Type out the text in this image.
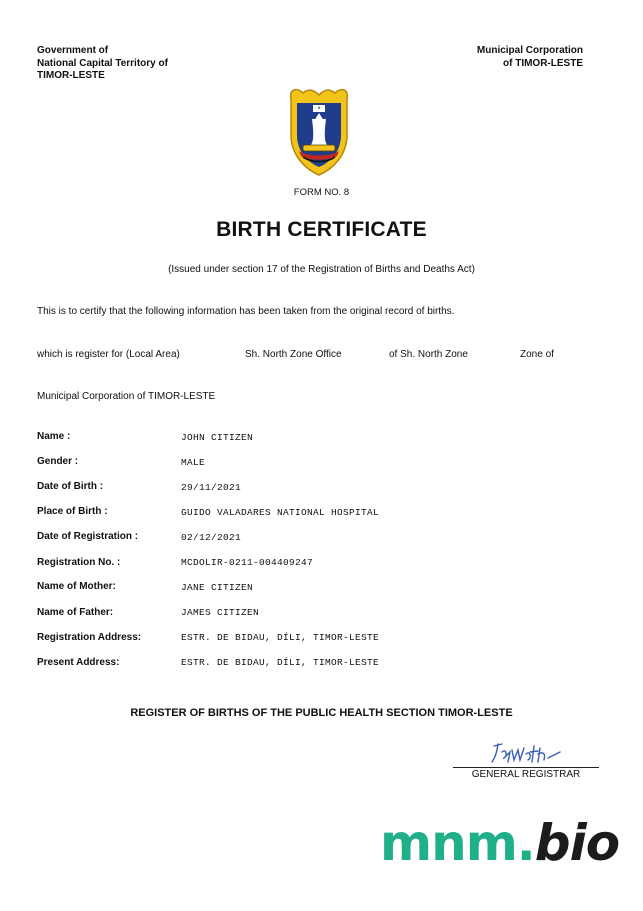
Government of
National Capital Territory of
TIMOR-LESTE
Municipal Corporation
of TIMOR-LESTE
FORM NO. 8
BIRTH CERTIFICATE
(Issued under section 17 of the Registration of Births and Deaths Act)
This is to certify that the following information has been taken from the original record of births.
which is register for (Local Area)	Sh. North Zone Office	of Sh. North Zone	Zone of
Municipal Corporation of TIMOR-LESTE
Name :	JOHN CITIZEN
Gender :	MALE
Date of Birth :	29/11/2021
Place of Birth :	GUIDO VALADARES NATIONAL HOSPITAL
Date of Registration :	02/12/2021
Registration No. :	MCDOLIR-0211-004409247
Name of Mother:	JANE CITIZEN
Name of Father:	JAMES CITIZEN
Registration Address:	ESTR. DE BIDAU, DÍLI, TIMOR-LESTE
Present Address:	ESTR. DE BIDAU, DÍLI, TIMOR-LESTE
REGISTER OF BIRTHS OF THE PUBLIC HEALTH SECTION TIMOR-LESTE
GENERAL REGISTRAR
mnm.bio
